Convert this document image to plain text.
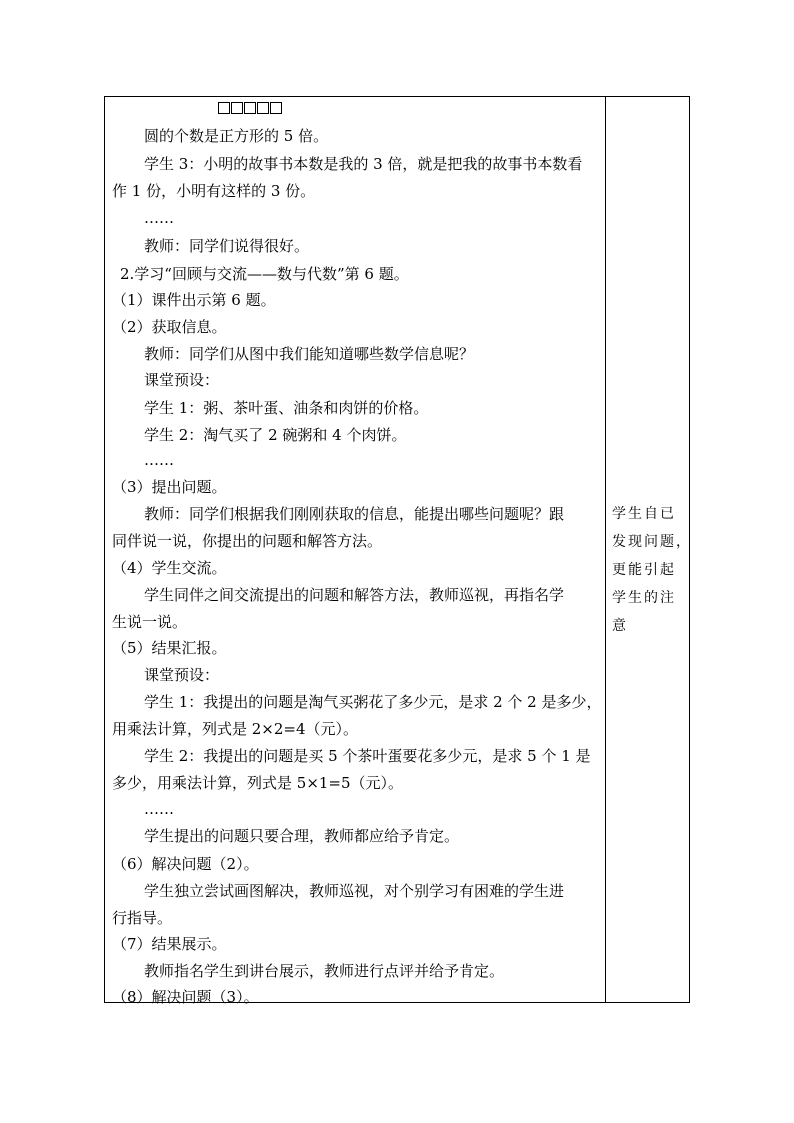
圆的个数是正方形的 5 倍。
学生 3：小明的故事书本数是我的 3 倍，就是把我的故事书本数看
作 1 份，小明有这样的 3 份。
……
教师：同学们说得很好。
2.学习“回顾与交流——数与代数”第 6 题。
（1）课件出示第 6 题。
（2）获取信息。
教师：同学们从图中我们能知道哪些数学信息呢？
课堂预设：
学生 1：粥、茶叶蛋、油条和肉饼的价格。
学生 2：淘气买了 2 碗粥和 4 个肉饼。
……
（3）提出问题。
教师：同学们根据我们刚刚获取的信息，能提出哪些问题呢？跟
同伴说一说，你提出的问题和解答方法。
（4）学生交流。
学生同伴之间交流提出的问题和解答方法，教师巡视，再指名学
生说一说。
（5）结果汇报。
课堂预设：
学生 1：我提出的问题是淘气买粥花了多少元，是求 2 个 2 是多少，
用乘法计算，列式是 2×2=4（元）。
学生 2：我提出的问题是买 5 个茶叶蛋要花多少元，是求 5 个 1 是
多少，用乘法计算，列式是 5×1=5（元）。
……
学生提出的问题只要合理，教师都应给予肯定。
（6）解决问题（2）。
学生独立尝试画图解决，教师巡视，对个别学习有困难的学生进
行指导。
（7）结果展示。
教师指名学生到讲台展示，教师进行点评并给予肯定。
（8）解决问题（3）。
学生自已
发现问题，
更能引起
学生的注
意
